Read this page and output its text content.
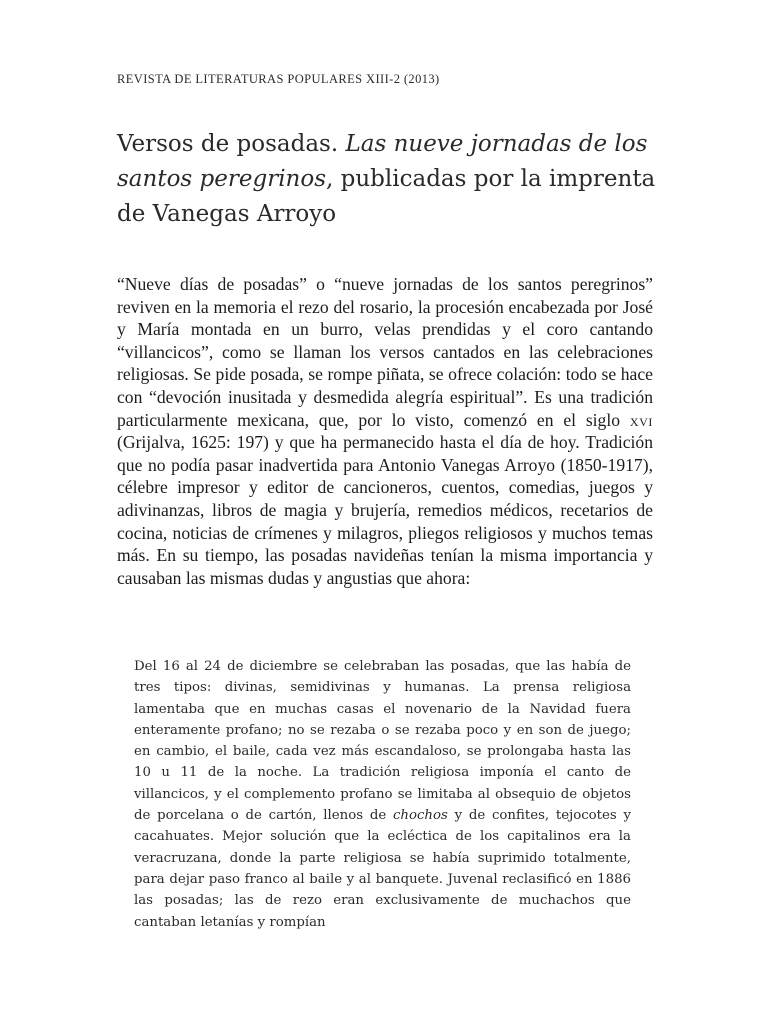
REVISTA DE LITERATURAS POPULARES XIII-2 (2013)
Versos de posadas. Las nueve jornadas de los santos peregrinos, publicadas por la imprenta de Vanegas Arroyo

“Nueve días de posadas” o “nueve jornadas de los santos peregrinos” reviven en la memoria el rezo del rosario, la procesión encabezada por José y María montada en un burro, velas prendidas y el coro cantando “villancicos”, como se llaman los versos cantados en las celebraciones religiosas. Se pide posada, se rompe piñata, se ofrece colación: todo se hace con “devoción inusitada y desmedida alegría espiritual”. Es una tradición particularmente mexicana, que, por lo visto, comenzó en el siglo xvi (Grijalva, 1625: 197) y que ha permanecido hasta el día de hoy. Tradición que no podía pasar inadvertida para Antonio Vanegas Arroyo (1850-1917), célebre impresor y editor de cancioneros, cuentos, comedias, juegos y adivinanzas, libros de magia y brujería, remedios médicos, recetarios de cocina, noticias de crímenes y milagros, pliegos religiosos y muchos temas más. En su tiempo, las posadas navideñas tenían la misma importancia y causaban las mismas dudas y angustias que ahora:

Del 16 al 24 de diciembre se celebraban las posadas, que las había de tres tipos: divinas, semidivinas y humanas. La prensa religiosa lamentaba que en muchas casas el novenario de la Navidad fuera enteramente profano; no se rezaba o se rezaba poco y en son de juego; en cambio, el baile, cada vez más escandaloso, se prolongaba hasta las 10 u 11 de la noche. La tradición religiosa imponía el canto de villancicos, y el complemento profano se limitaba al obsequio de objetos de porcelana o de cartón, llenos de chochos y de confites, tejocotes y cacahuates. Mejor solución que la ecléctica de los capitalinos era la veracruzana, donde la parte religiosa se había suprimido totalmente, para dejar paso franco al baile y al banquete. Juvenal reclasificó en 1886 las posadas; las de rezo eran exclusivamente de muchachos que cantaban letanías y rompían
